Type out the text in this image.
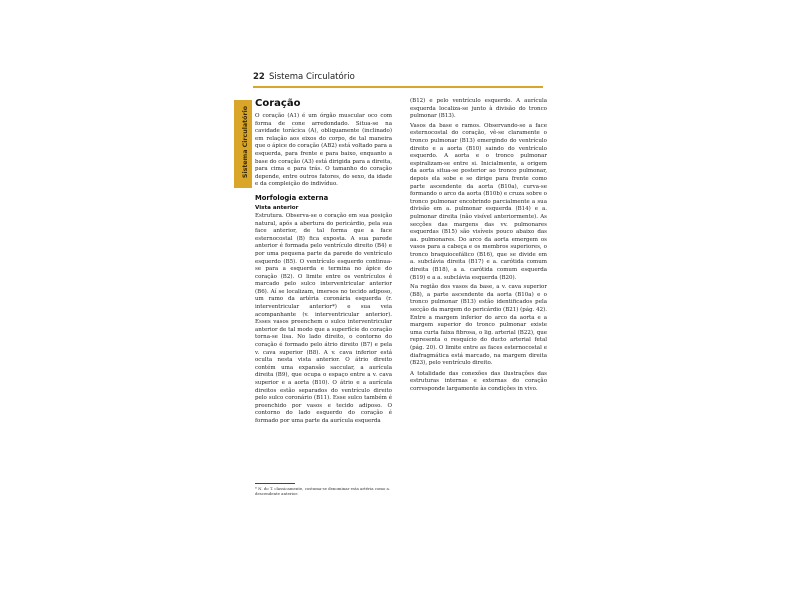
22 Sistema Circulatório
Sistema Circulatório
Coração

O coração (A1) é um órgão muscular oco com forma de cone arredondado. Situa-se na cavidade torácica (A), obliquamente (inclinado) em relação aos eixos do corpo, de tal maneira que o ápice do coração (AB2) está voltado para a esquerda, para frente e para baixo, enquanto a base do coração (A3) está dirigida para a direita, para cima e para trás. O tamanho do coração depende, entre outros fatores, do sexo, da idade e da compleição do indivíduo.

Morfologia externa
Vista anterior

Estrutura. Observa-se o coração em sua posição natural, após a abertura do pericárdio, pela sua face anterior, de tal forma que a face esternocostal (B) fica exposta. A sua parede anterior é formada pelo ventrículo direito (B4) e por uma pequena parte da parede do ventrículo esquerdo (B5). O ventrículo esquerdo continua-se para a esquerda e termina no ápice do coração (B2). O limite entre os ventrículos é marcado pelo sulco interventricular anterior (B6). Aí se localizam, imersos no tecido adiposo, um ramo da artéria coronária esquerda (r. interventricular anterior*) e sua veia acompanhante (v. interventricular anterior). Esses vasos preenchem o sulco interventricular anterior de tal modo que a superfície do coração torna-se lisa. No lado direito, o contorno do coração é formado pelo átrio direito (B7) e pela v. cava superior (B8). A v. cava inferior está oculta nesta vista anterior. O átrio direito contém uma expansão saccular, a aurícula direita (B9), que ocupa o espaço entre a v. cava superior e a aorta (B10). O átrio e a aurícula direitos estão separados do ventrículo direito pelo sulco coronário (B11). Esse sulco também é preenchido por vasos e tecido adiposo. O contorno do lado esquerdo do coração é formado por uma parte da aurícula esquerda

(B12) e pelo ventrículo esquerdo. A aurícula esquerda localiza-se junto à divisão do tronco pulmonar (B13).

Vasos da base e ramos. Observando-se a face esternocostal do coração, vê-se claramente o tronco pulmonar (B13) emergindo do ventrículo direito e a aorta (B10) saindo do ventrículo esquerdo. A aorta e o tronco pulmonar espiralizam-se entre si. Inicialmente, a origem da aorta situa-se posterior ao tronco pulmonar, depois ela sobe e se dirige para frente como parte ascendente da aorta (B10a), curva-se formando o arco da aorta (B10b) e cruza sobre o tronco pulmonar encobrindo parcialmente a sua divisão em a. pulmonar esquerda (B14) e a. pulmonar direita (não visível anteriormente). As secções das margens das vv. pulmonares esquerdas (B15) são visíveis pouco abaixo das aa. pulmonares. Do arco da aorta emergem os vasos para a cabeça e os membros superiores, o tronco braquiocefálico (B16), que se divide em a. subclávia direita (B17) e a. carótida comum direita (B18), a a. carótida comum esquerda (B19) e a a. subclávia esquerda (B20).

Na região dos vasos da base, a v. cava superior (B8), a parte ascendente da aorta (B10a) e o tronco pulmonar (B13) estão identificados pela secção da margem do pericárdio (B21) (pág. 42). Entre a margem inferior do arco da aorta e a margem superior do tronco pulmonar existe uma curta faixa fibrosa, o lig. arterial (B22), que representa o resquício do ducto arterial fetal (pág. 20). O limite entre as faces esternocostal e diafragmática está marcado, na margem direita (B23), pelo ventrículo direito.

A totalidade das conexões das ilustrações das estruturas internas e externas do coração corresponde largamente às condições in vivo.

* N. do T. classicamente, costuma-se denominar esta artéria como a. descendente anterior.
